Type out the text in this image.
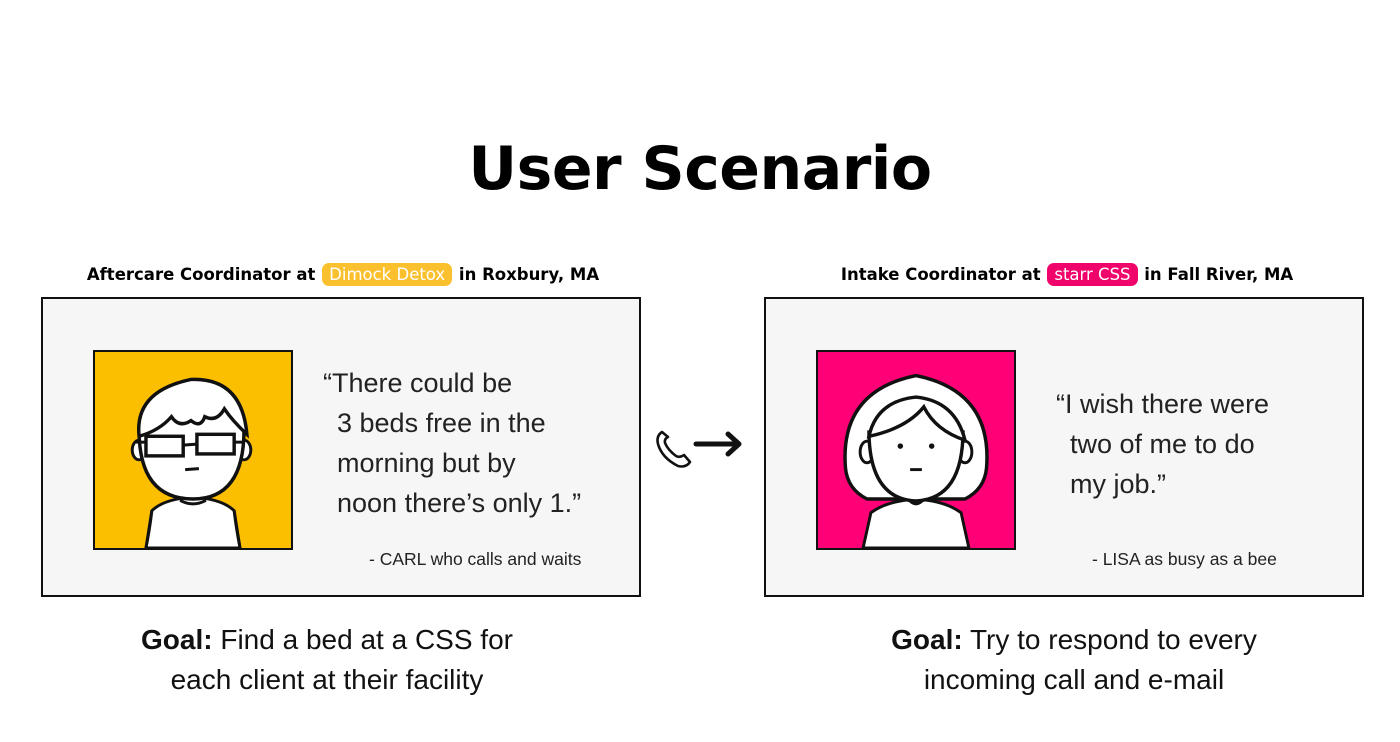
User Scenario
Aftercare Coordinator at Dimock Detox in Roxbury, MA	Intake Coordinator at starr CSS in Fall River, MA
“There could be
3 beds free in the
morning but by
noon there’s only 1.”
- CARL who calls and waits
“I wish there were
two of me to do
my job.”
- LISA as busy as a bee
Goal: Find a bed at a CSS for
each client at their facility
Goal: Try to respond to every
incoming call and e-mail
